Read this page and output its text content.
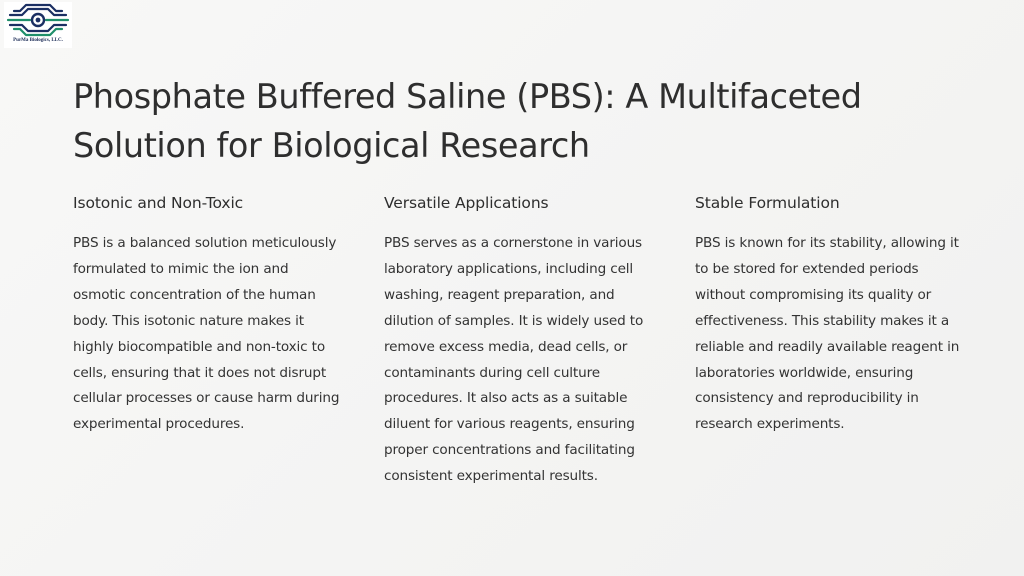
PurMa Biologics, LLC.
Phosphate Buffered Saline (PBS): A Multifaceted Solution for Biological Research
Isotonic and Non-Toxic

PBS is a balanced solution meticulously formulated to mimic the ion and osmotic concentration of the human body. This isotonic nature makes it highly biocompatible and non-toxic to cells, ensuring that it does not disrupt cellular processes or cause harm during experimental procedures.

Versatile Applications

PBS serves as a cornerstone in various laboratory applications, including cell washing, reagent preparation, and dilution of samples. It is widely used to remove excess media, dead cells, or contaminants during cell culture procedures. It also acts as a suitable diluent for various reagents, ensuring proper concentrations and facilitating consistent experimental results.

Stable Formulation

PBS is known for its stability, allowing it to be stored for extended periods without compromising its quality or effectiveness. This stability makes it a reliable and readily available reagent in laboratories worldwide, ensuring consistency and reproducibility in research experiments.
